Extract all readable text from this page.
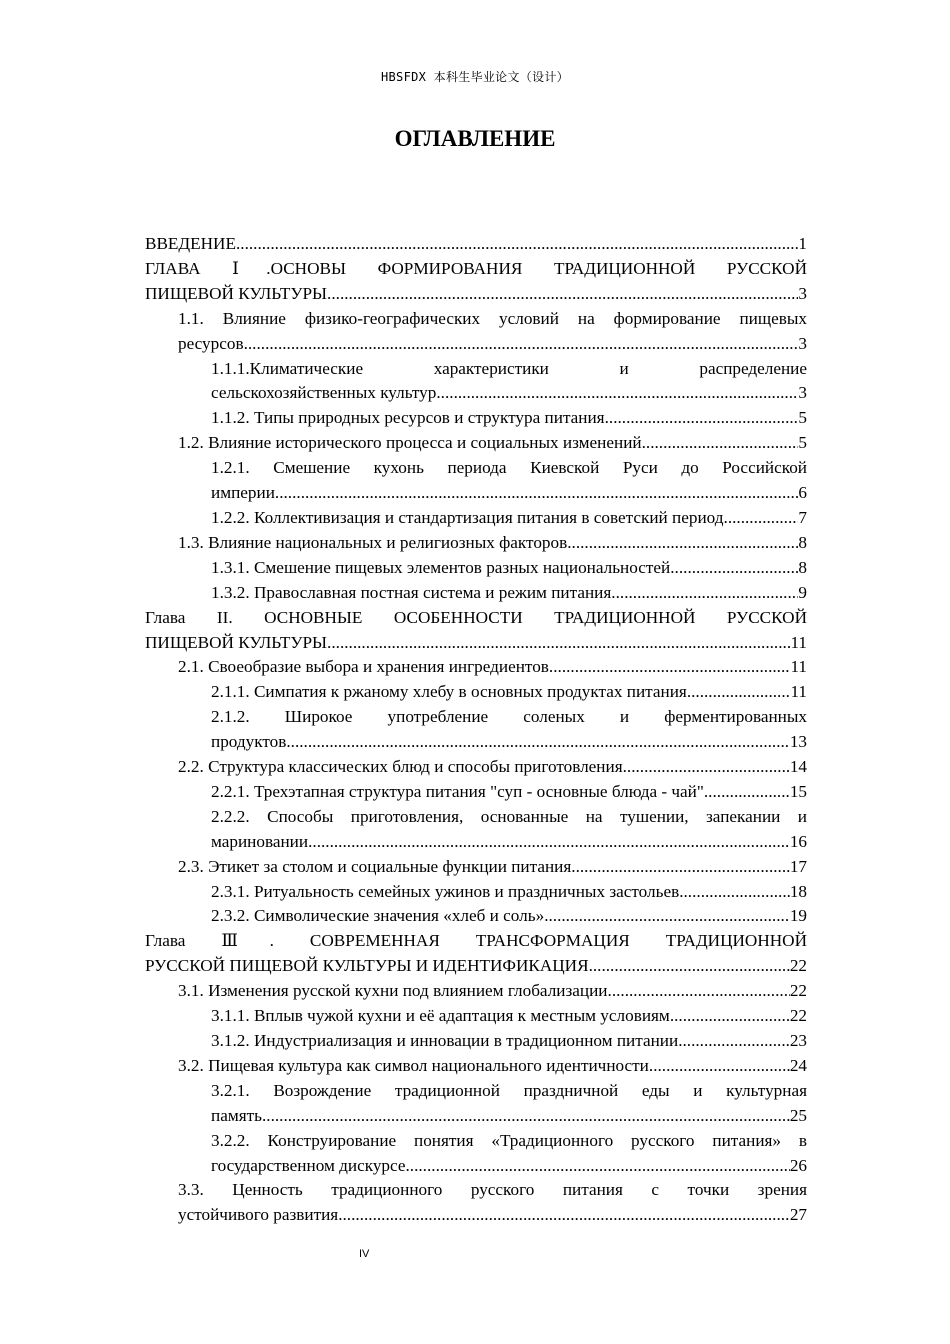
HBSFDX 本科生毕业论文（设计）
ОГЛАВЛЕНИЕ
ВВЕДЕНИЕ .....	1
ГЛАВА Ⅰ.ОСНОВЫ ФОРМИРОВАНИЯ ТРАДИЦИОННОЙ РУССКОЙ
ПИЩЕВОЙ КУЛЬТУРЫ .....	3
1.1. Влияние физико-географических условий на формирование пищевых
ресурсов .....	3
1.1.1.Климатические характеристики и распределение
сельскохозяйственных культур .....	3
1.1.2. Типы природных ресурсов и структура питания .....	5
1.2. Влияние исторического процесса и социальных изменений .....	5
1.2.1. Смешение кухонь периода Киевской Руси до Российской
империи .....	6
1.2.2. Коллективизация и стандартизация питания в советский период. .....	7
1.3. Влияние национальных и религиозных факторов .....	8
1.3.1. Смешение пищевых элементов разных национальностей .....	8
1.3.2. Православная постная система и режим питания .....	9
Глава II. ОСНОВНЫЕ ОСОБЕННОСТИ ТРАДИЦИОННОЙ РУССКОЙ
ПИЩЕВОЙ КУЛЬТУРЫ .....	11
2.1. Своеобразие выбора и хранения ингредиентов .....	11
2.1.1. Симпатия к ржаному хлебу в основных продуктах питания .....	11
2.1.2. Широкое употребление соленых и ферментированных
продуктов .....	13
2.2. Структура классических блюд и способы приготовления .....	14
2.2.1. Трехэтапная структура питания "суп - основные блюда - чай" .....	15
2.2.2. Способы приготовления, основанные на тушении, запекании и
мариновании .....	16
2.3. Этикет за столом и социальные функции питания .....	17
2.3.1. Ритуальность семейных ужинов и праздничных застольев .....	18
2.3.2. Символические значения «хлеб и соль» .....	19
Глава Ⅲ. СОВРЕМЕННАЯ ТРАНСФОРМАЦИЯ ТРАДИЦИОННОЙ
РУССКОЙ ПИЩЕВОЙ КУЛЬТУРЫ И ИДЕНТИФИКАЦИЯ .....	22
3.1. Изменения русской кухни под влиянием глобализации .....	22
3.1.1. Вплыв чужой кухни и её адаптация к местным условиям .....	22
3.1.2. Индустриализация и инновации в традиционном питании .....	23
3.2. Пищевая культура как символ национального идентичности .....	24
3.2.1. Возрождение традиционной праздничной еды и культурная
память .....	25
3.2.2. Конструирование понятия «Традиционного русского питания» в
государственном дискурсе .....	26
3.3. Ценность традиционного русского питания с точки зрения
устойчивого развития .....	27
IV
